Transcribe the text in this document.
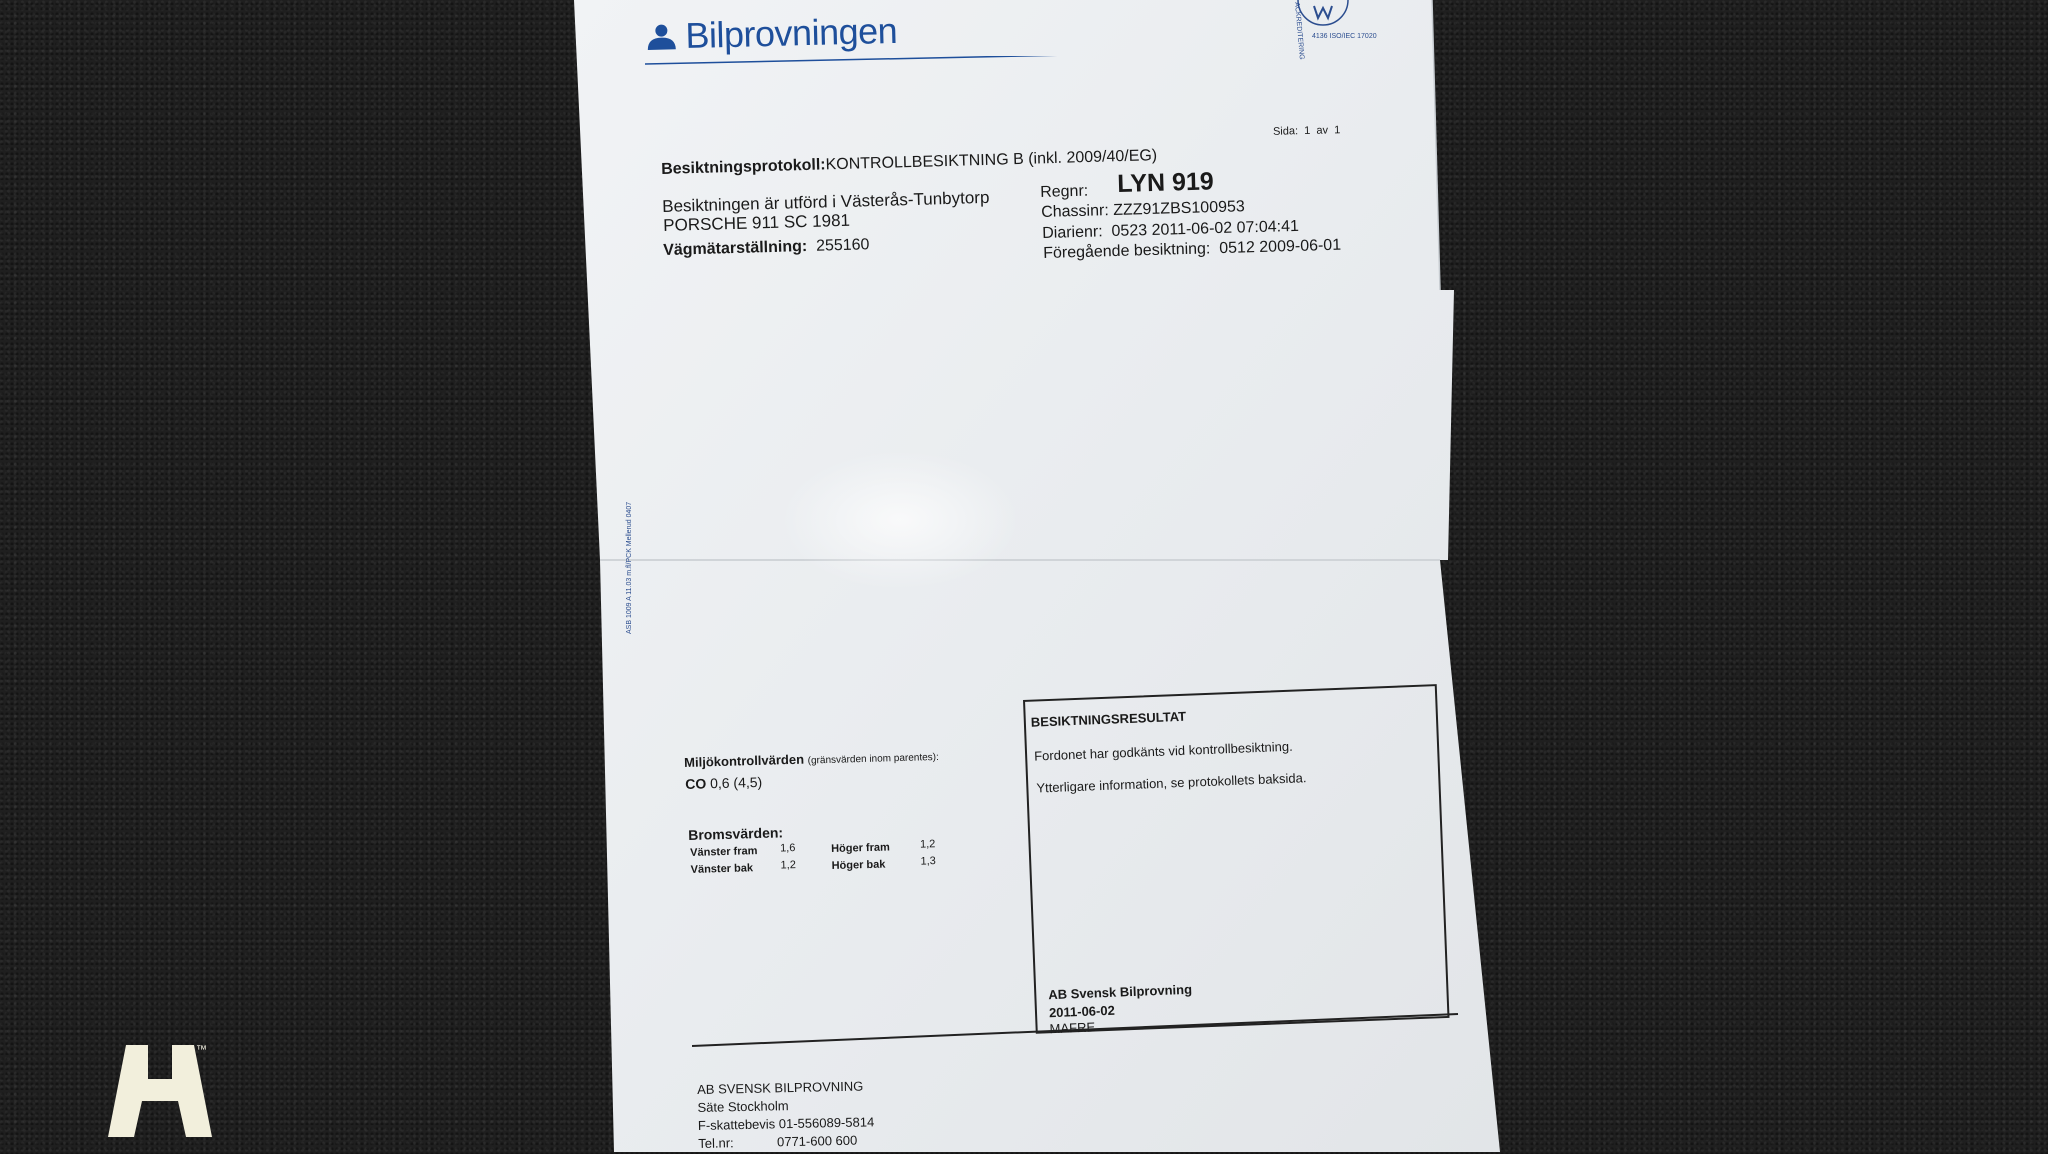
Bilprovningen	ACKREDITERING 4136 ISO/IEC 17020
Sida: 1 av 1
Besiktningsprotokoll:KONTROLLBESIKTNING B (inkl. 2009/40/EG)
Besiktningen är utförd i Västerås-Tunbytorp
PORSCHE 911 SC 1981
Vägmätarställning: 255160
Regnr: LYN 919
Chassinr: ZZZ91ZBS100953
Diarienr: 0523 2011-06-02 07:04:41
Föregående besiktning: 0512 2009-06-01
ASB 1009 A 11.03 m.fl/PCK Mellerud 0407
Miljökontrollvärden (gränsvärden inom parentes):
CO 0,6 (4,5)
Bromsvärden:
Vänster fram 1,6	Höger fram	1,2
Vänster bak 1,2	Höger bak	1,3
BESIKTNINGSRESULTAT
Fordonet har godkänts vid kontrollbesiktning.
Ytterligare information, se protokollets baksida.
AB Svensk Bilprovning
2011-06-02
MAFRE
AB SVENSK BILPROVNING
Säte Stockholm
F-skattebevis 01-556089-5814
Tel.nr:	0771-600 600
™
